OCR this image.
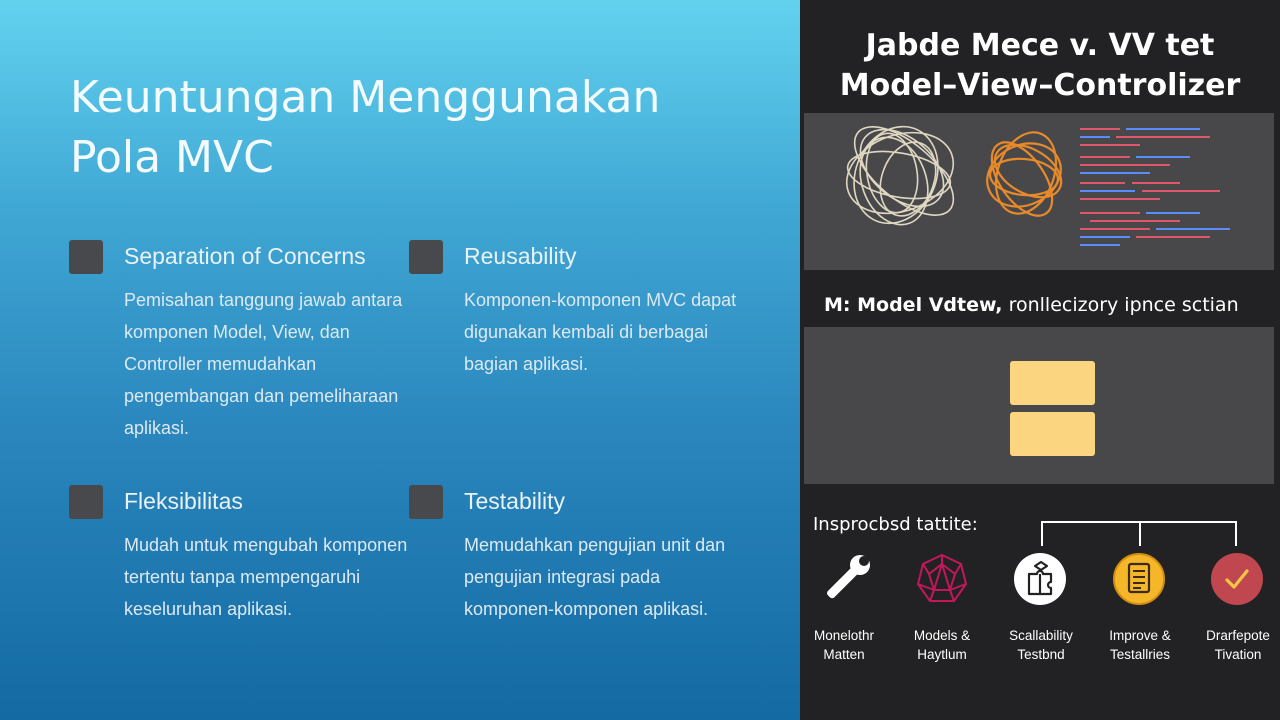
Keuntungan Menggunakan
Pola MVC
Separation of Concerns
Pemisahan tanggung jawab antara komponen Model, View, dan Controller memudahkan pengembangan dan pemeliharaan aplikasi.
Reusability
Komponen-komponen MVC dapat digunakan kembali di berbagai bagian aplikasi.
Fleksibilitas
Mudah untuk mengubah komponen tertentu tanpa mempengaruhi keseluruhan aplikasi.
Testability
Memudahkan pengujian unit dan pengujian integrasi pada komponen-komponen aplikasi.
Jabde Mece v. VV tet
Model–View–Controlizer
M: Model Vdtew, ronllecizory ipnce sctian
Insprocbsd tattite:
Monelothr
Matten
Models &
Haytlum
Scallability
Testbnd
Improve &
Testallries
Drarfepote
Tivation
